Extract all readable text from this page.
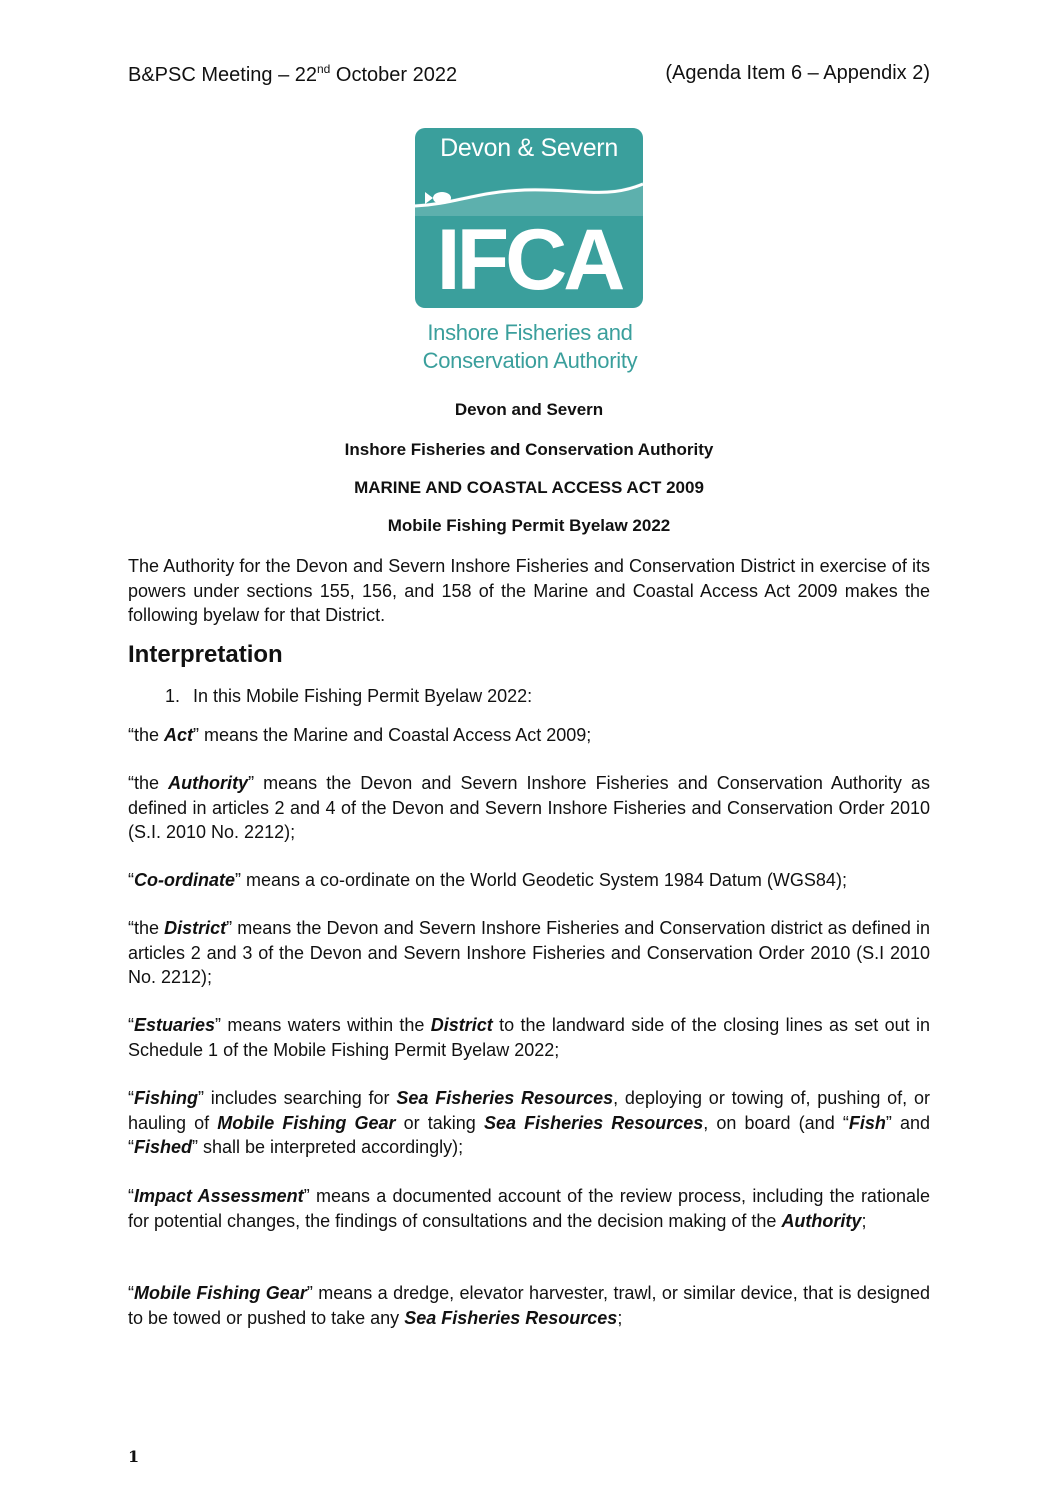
B&PSC Meeting – 22nd October 2022	(Agenda Item 6 – Appendix 2)
Devon & Severn
IFCA
Inshore Fisheries and
Conservation Authority
Devon and Severn
Inshore Fisheries and Conservation Authority
MARINE AND COASTAL ACCESS ACT 2009
Mobile Fishing Permit Byelaw 2022
The Authority for the Devon and Severn Inshore Fisheries and Conservation District in exercise of its powers under sections 155, 156, and 158 of the Marine and Coastal Access Act 2009 makes the following byelaw for that District.
Interpretation
1. In this Mobile Fishing Permit Byelaw 2022:
“the Act” means the Marine and Coastal Access Act 2009;
“the Authority” means the Devon and Severn Inshore Fisheries and Conservation Authority as defined in articles 2 and 4 of the Devon and Severn Inshore Fisheries and Conservation Order 2010 (S.I. 2010 No. 2212);
“Co-ordinate” means a co-ordinate on the World Geodetic System 1984 Datum (WGS84);
“the District” means the Devon and Severn Inshore Fisheries and Conservation district as defined in articles 2 and 3 of the Devon and Severn Inshore Fisheries and Conservation Order 2010 (S.I 2010 No. 2212);
“Estuaries” means waters within the District to the landward side of the closing lines as set out in Schedule 1 of the Mobile Fishing Permit Byelaw 2022;
“Fishing” includes searching for Sea Fisheries Resources, deploying or towing of, pushing of, or hauling of Mobile Fishing Gear or taking Sea Fisheries Resources, on board (and “Fish” and “Fished” shall be interpreted accordingly);
“Impact Assessment” means a documented account of the review process, including the rationale for potential changes, the findings of consultations and the decision making of the Authority;
“Mobile Fishing Gear” means a dredge, elevator harvester, trawl, or similar device, that is designed to be towed or pushed to take any Sea Fisheries Resources;
1
